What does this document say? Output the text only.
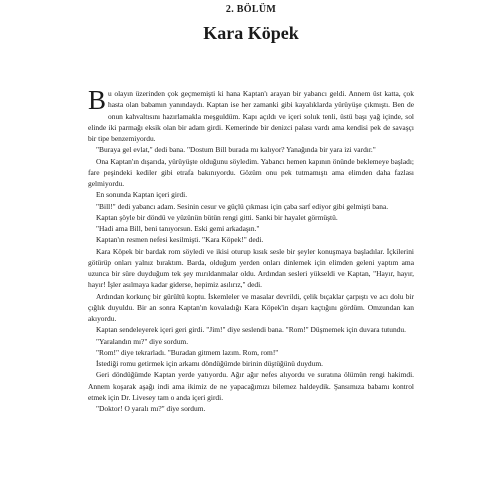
2. BÖLÜM
Kara Köpek

Bu olayın üzerinden çok geçmemişti ki hana Kaptan'ı arayan bir yabancı geldi. Annem üst katta, çok hasta olan babamın yanındaydı. Kaptan ise her zamanki gibi kayalıklarda yürüyüşe çıkmıştı. Ben de onun kahvaltısını hazırlamakla meşguldüm. Kapı açıldı ve içeri soluk tenli, üstü başı yağ içinde, sol elinde iki parmağı eksik olan bir adam girdi. Kemerinde bir denizci palası vardı ama kendisi pek de savaşçı bir tipe benzemiyordu.

"Buraya gel evlat," dedi bana. "Dostum Bill burada mı kalıyor? Yanağında bir yara izi vardır."

Ona Kaptan'ın dışarıda, yürüyüşte olduğunu söyledim. Yabancı hemen kapının önünde beklemeye başladı; fare peşindeki kediler gibi etrafa bakınıyordu. Gözüm onu pek tutmamıştı ama elimden daha fazlası gelmiyordu.

En sonunda Kaptan içeri girdi.

"Bill!" dedi yabancı adam. Sesinin cesur ve güçlü çıkması için çaba sarf ediyor gibi gelmişti bana.

Kaptan şöyle bir döndü ve yüzünün bütün rengi gitti. Sanki bir hayalet görmüştü.

"Hadi ama Bill, beni tanıyorsun. Eski gemi arkadaşın."

Kaptan'ın resmen nefesi kesilmişti. "Kara Köpek!" dedi.

Kara Köpek bir bardak rom söyledi ve ikisi oturup kısık sesle bir şeyler konuşmaya başladılar. İçkilerini götürüp onları yalnız bıraktım. Barda, olduğum yerden onları dinlemek için elimden geleni yaptım ama uzunca bir süre duyduğum tek şey mırıldanmalar oldu. Ardından sesleri yükseldi ve Kaptan, "Hayır, hayır, hayır! İşler asılmaya kadar giderse, hepimiz asılırız," dedi.

Ardından korkunç bir gürültü koptu. İskemleler ve masalar devrildi, çelik bıçaklar çarpıştı ve acı dolu bir çığlık duyuldu. Bir an sonra Kaptan'ın kovaladığı Kara Köpek'in dışarı kaçtığını gördüm. Omzundan kan akıyordu.

Kaptan sendeleyerek içeri geri girdi. "Jim!" diye seslendi bana. "Rom!" Düşmemek için duvara tutundu.

"Yaralandın mı?" diye sordum.

"Rom!" diye tekrarladı. "Buradan gitmem lazım. Rom, rom!"

İstediği romu getirmek için arkamı döndüğümde birinin düştüğünü duydum.

Geri döndüğümde Kaptan yerde yatıyordu. Ağır ağır nefes alıyordu ve suratına ölümün rengi hakimdi. Annem koşarak aşağı indi ama ikimiz de ne yapacağımızı bilemez haldeydik. Şansımıza babamı kontrol etmek için Dr. Livesey tam o anda içeri girdi.

"Doktor! O yaralı mı?" diye sordum.
